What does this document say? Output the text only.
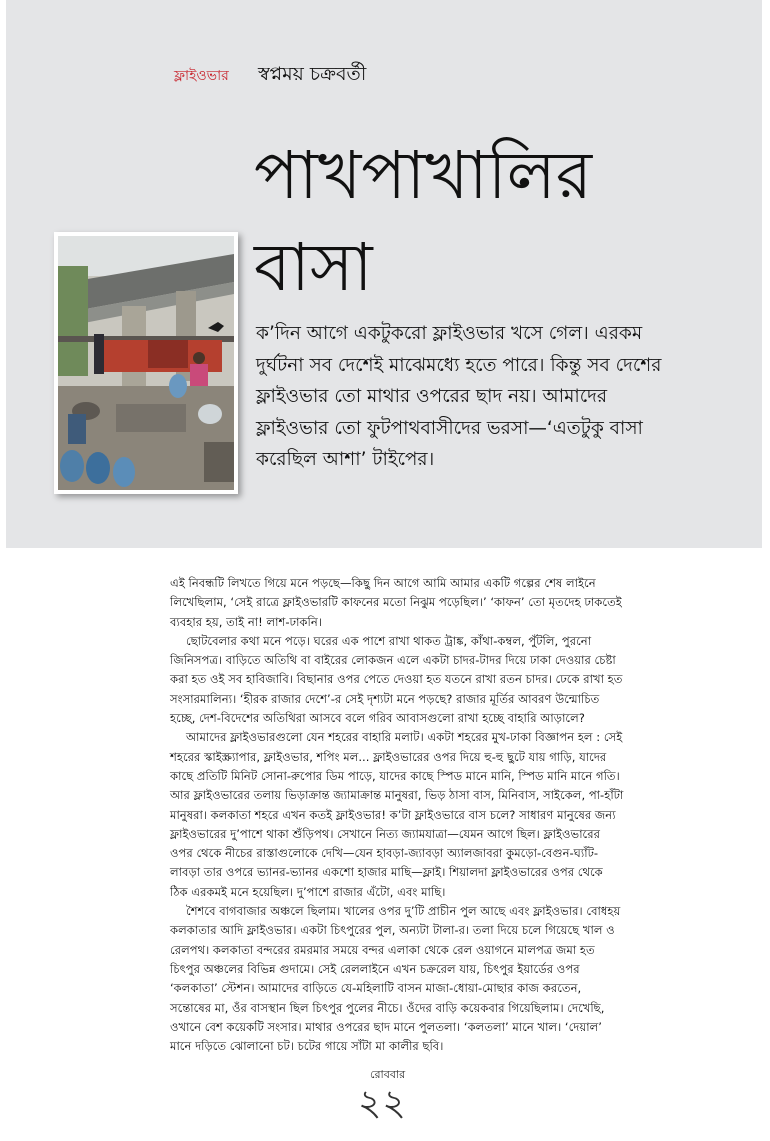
ফ্লাইওভার স্বপ্নময় চক্রবর্তী
পাখপাখালির
বাসা
ক’দিন আগে একটুকরো ফ্লাইওভার খসে গেল। এরকম দুর্ঘটনা সব দেশেই মাঝেমধ্যে হতে পারে। কিন্তু সব দেশের ফ্লাইওভার তো মাথার ওপরের ছাদ নয়। আমাদের ফ্লাইওভার তো ফুটপাথবাসীদের ভরসা—‘এতটুকু বাসা করেছিল আশা’ টাইপের।

এই নিবন্ধটি লিখতে গিয়ে মনে পড়ছে—কিছু দিন আগে আমি আমার একটি গল্পের শেষ লাইনে লিখেছিলাম, ‘সেই রাত্রে ফ্লাইওভারটি কাফনের মতো নিঝুম পড়েছিল।’ ‘কাফন’ তো মৃতদেহ ঢাকতেই ব্যবহার হয়, তাই না! লাশ-ঢাকনি।

ছোটবেলার কথা মনে পড়ে। ঘরের এক পাশে রাখা থাকত ট্রাঙ্ক, কাঁথা-কম্বল, পুঁটলি, পুরনো জিনিসপত্র। বাড়িতে অতিথি বা বাইরের লোকজন এলে একটা চাদর-টাদর দিয়ে ঢাকা দেওয়ার চেষ্টা করা হত ওই সব হাবিজাবি। বিছানার ওপর পেতে দেওয়া হত যতনে রাখা রতন চাদর। ঢেকে রাখা হত সংসারমালিন্য। ‘হীরক রাজার দেশে’-র সেই দৃশ্যটা মনে পড়ছে? রাজার মূর্তির আবরণ উন্মোচিত হচ্ছে, দেশ-বিদেশের অতিথিরা আসবে বলে গরিব আবাসগুলো রাখা হচ্ছে বাহারি আড়ালে?

আমাদের ফ্লাইওভারগুলো যেন শহরের বাহারি মলাট। একটা শহরের মুখ-ঢাকা বিজ্ঞাপন হল : সেই শহরের স্কাইস্ক্র্যাপার, ফ্লাইওভার, শপিং মল... ফ্লাইওভারের ওপর দিয়ে হু-হু ছুটে যায় গাড়ি, যাদের কাছে প্রতিটি মিনিট সোনা-রুপোর ডিম পাড়ে, যাদের কাছে স্পিড মানে মানি, স্পিড মানি মানে গতি। আর ফ্লাইওভারের তলায় ভিড়াক্রান্ত জ্যামাক্রান্ত মানুষরা, ভিড় ঠাসা বাস, মিনিবাস, সাইকেল, পা-হাঁটা মানুষরা। কলকাতা শহরে এখন কতই ফ্লাইওভার! ক’টা ফ্লাইওভারে বাস চলে? সাধারণ মানুষের জন্য ফ্লাইওভারের দু’পাশে থাকা শুঁড়িপথ। সেখানে নিত্য জ্যামযাত্রা—যেমন আগে ছিল। ফ্লাইওভারের ওপর থেকে নীচের রাস্তাগুলোকে দেখি—যেন হাবড়া-জ্যাবড়া অ্যালজাবরা কুমড়ো-বেগুন-ঘ্যাঁট-লাবড়া তার ওপরে ভ্যানর-ভ্যানর একশো হাজার মাছি—ফ্লাই। শিয়ালদা ফ্লাইওভারের ওপর থেকে ঠিক এরকমই মনে হয়েছিল। দু’পাশে রাজার এঁটো, এবং মাছি।

শৈশবে বাগবাজার অঞ্চলে ছিলাম। খালের ওপর দু’টি প্রাচীন পুল আছে এবং ফ্লাইওভার। বোধহয় কলকাতার আদি ফ্লাইওভার। একটা চিৎপুরের পুল, অন্যটা টালা-র। তলা দিয়ে চলে গিয়েছে খাল ও রেলপথ। কলকাতা বন্দরের রমরমার সময়ে বন্দর এলাকা থেকে রেল ওয়াগনে মালপত্র জমা হত চিৎপুর অঞ্চলের বিভিন্ন গুদামে। সেই রেললাইনে এখন চক্ররেল যায়, চিৎপুর ইয়ার্ডের ওপর ‘কলকাতা’ স্টেশন। আমাদের বাড়িতে যে-মহিলাটি বাসন মাজা-ধোয়া-মোছার কাজ করতেন, সন্তোষের মা, ওঁর বাসস্থান ছিল চিৎপুর পুলের নীচে। ওঁদের বাড়ি কয়েকবার গিয়েছিলাম। দেখেছি, ওখানে বেশ কয়েকটি সংসার। মাথার ওপরের ছাদ মানে পুলতলা। ‘কলতলা’ মানে খাল। ‘দেয়াল’ মানে দড়িতে ঝোলানো চট। চটের গায়ে সাঁটা মা কালীর ছবি।

রোববার
২২
